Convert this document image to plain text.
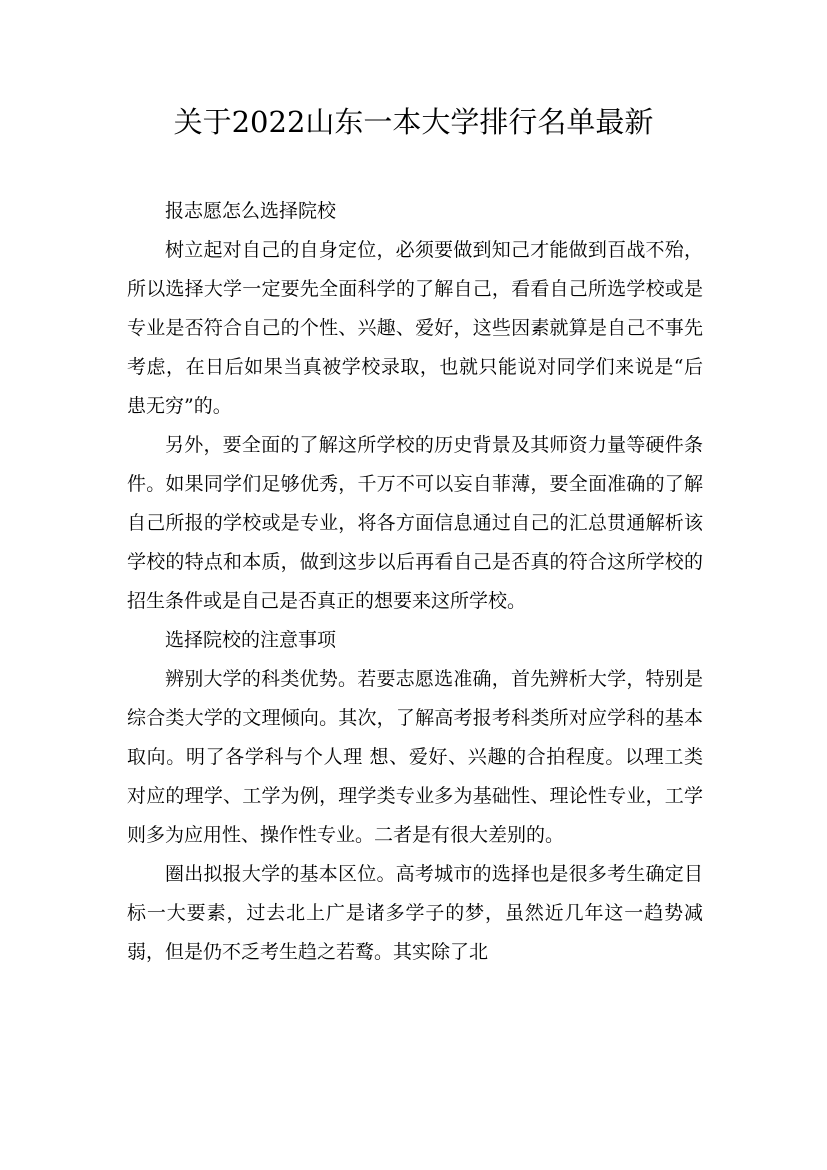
关于2022山东一本大学排行名单最新

报志愿怎么选择院校

树立起对自己的自身定位，必须要做到知己才能做到百战不殆，所以选择大学一定要先全面科学的了解自己，看看自己所选学校或是专业是否符合自己的个性、兴趣、爱好，这些因素就算是自己不事先考虑，在日后如果当真被学校录取，也就只能说对同学们来说是“后患无穷”的。

另外，要全面的了解这所学校的历史背景及其师资力量等硬件条件。如果同学们足够优秀，千万不可以妄自菲薄，要全面准确的了解自己所报的学校或是专业，将各方面信息通过自己的汇总贯通解析该学校的特点和本质，做到这步以后再看自己是否真的符合这所学校的招生条件或是自己是否真正的想要来这所学校。

选择院校的注意事项

辨别大学的科类优势。若要志愿选准确，首先辨析大学，特别是综合类大学的文理倾向。其次，了解高考报考科类所对应学科的基本取向。明了各学科与个人理 想、爱好、兴趣的合拍程度。以理工类对应的理学、工学为例，理学类专业多为基础性、理论性专业，工学则多为应用性、操作性专业。二者是有很大差别的。

圈出拟报大学的基本区位。高考城市的选择也是很多考生确定目标一大要素，过去北上广是诸多学子的梦，虽然近几年这一趋势减弱，但是仍不乏考生趋之若鹜。其实除了北
